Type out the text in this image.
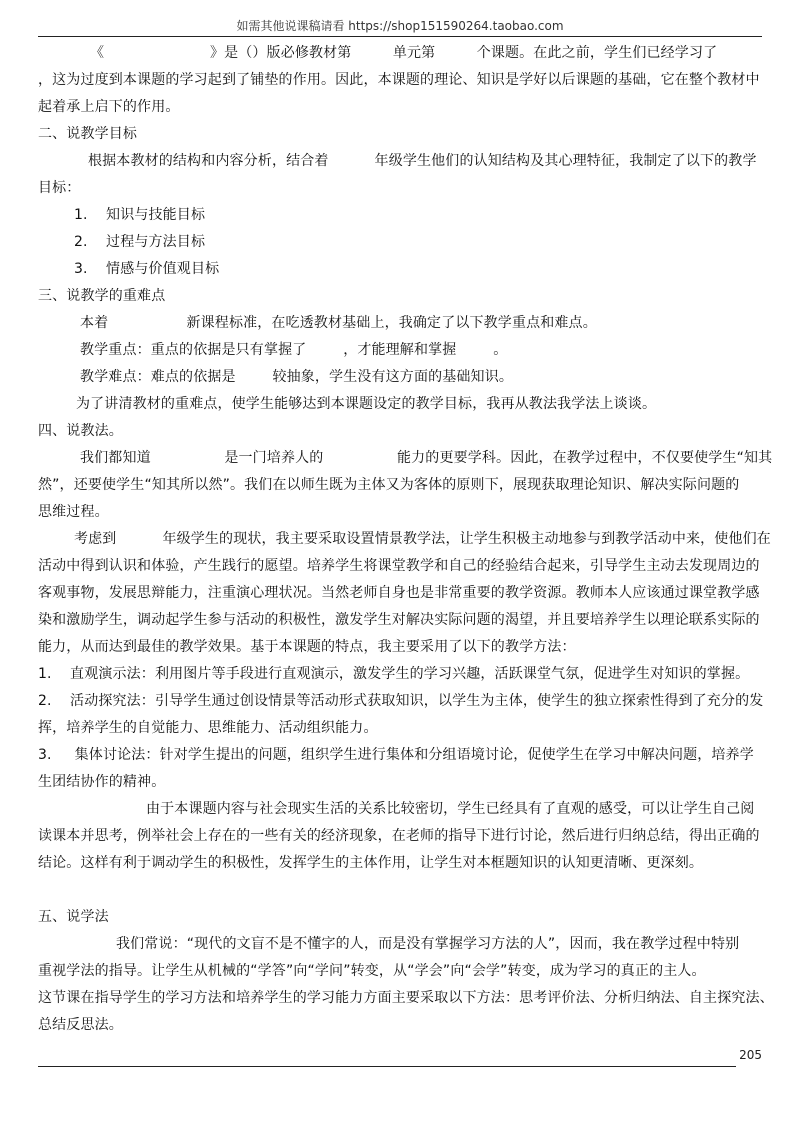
如需其他说课稿请看 https://shop151590264.taobao.com
《                       》是（）版必修教材第         单元第         个课题。在此之前，学生们已经学习了
，这为过度到本课题的学习起到了铺垫的作用。因此，本课题的理论、知识是学好以后课题的基础，它在整个教材中
起着承上启下的作用。
二、说教学目标
根据本教材的结构和内容分析，结合着          年级学生他们的认知结构及其心理特征，我制定了以下的教学
目标：
1.    知识与技能目标
2.    过程与方法目标
3.    情感与价值观目标
三、说教学的重难点
本着                 新课程标准，在吃透教材基础上，我确定了以下教学重点和难点。
教学重点：重点的依据是只有掌握了        ，才能理解和掌握        。
教学难点：难点的依据是        较抽象，学生没有这方面的基础知识。
为了讲清教材的重难点，使学生能够达到本课题设定的教学目标，我再从教法我学法上谈谈。
四、说教法。
我们都知道                是一门培养人的                能力的更要学科。因此，在教学过程中，不仅要使学生“知其
然”，还要使学生“知其所以然”。我们在以师生既为主体又为客体的原则下，展现获取理论知识、解决实际问题的
思维过程。
考虑到          年级学生的现状，我主要采取设置情景教学法，让学生积极主动地参与到教学活动中来，使他们在
活动中得到认识和体验，产生践行的愿望。培养学生将课堂教学和自己的经验结合起来，引导学生主动去发现周边的
客观事物，发展思辩能力，注重演心理状况。当然老师自身也是非常重要的教学资源。教师本人应该通过课堂教学感
染和激励学生，调动起学生参与活动的积极性，激发学生对解决实际问题的渴望，并且要培养学生以理论联系实际的
能力，从而达到最佳的教学效果。基于本课题的特点，我主要采用了以下的教学方法：
1.    直观演示法：利用图片等手段进行直观演示，激发学生的学习兴趣，活跃课堂气氛，促进学生对知识的掌握。
2.    活动探究法：引导学生通过创设情景等活动形式获取知识，以学生为主体，使学生的独立探索性得到了充分的发
挥，培养学生的自觉能力、思维能力、活动组织能力。
3.     集体讨论法：针对学生提出的问题，组织学生进行集体和分组语境讨论，促使学生在学习中解决问题，培养学
生团结协作的精神。
由于本课题内容与社会现实生活的关系比较密切，学生已经具有了直观的感受，可以让学生自己阅
读课本并思考，例举社会上存在的一些有关的经济现象，在老师的指导下进行讨论，然后进行归纳总结，得出正确的
结论。这样有利于调动学生的积极性，发挥学生的主体作用，让学生对本框题知识的认知更清晰、更深刻。
五、说学法
我们常说：“现代的文盲不是不懂字的人，而是没有掌握学习方法的人”，因而，我在教学过程中特别
重视学法的指导。让学生从机械的“学答”向“学问”转变，从“学会”向“会学”转变，成为学习的真正的主人。
这节课在指导学生的学习方法和培养学生的学习能力方面主要采取以下方法：思考评价法、分析归纳法、自主探究法、
总结反思法。
205
